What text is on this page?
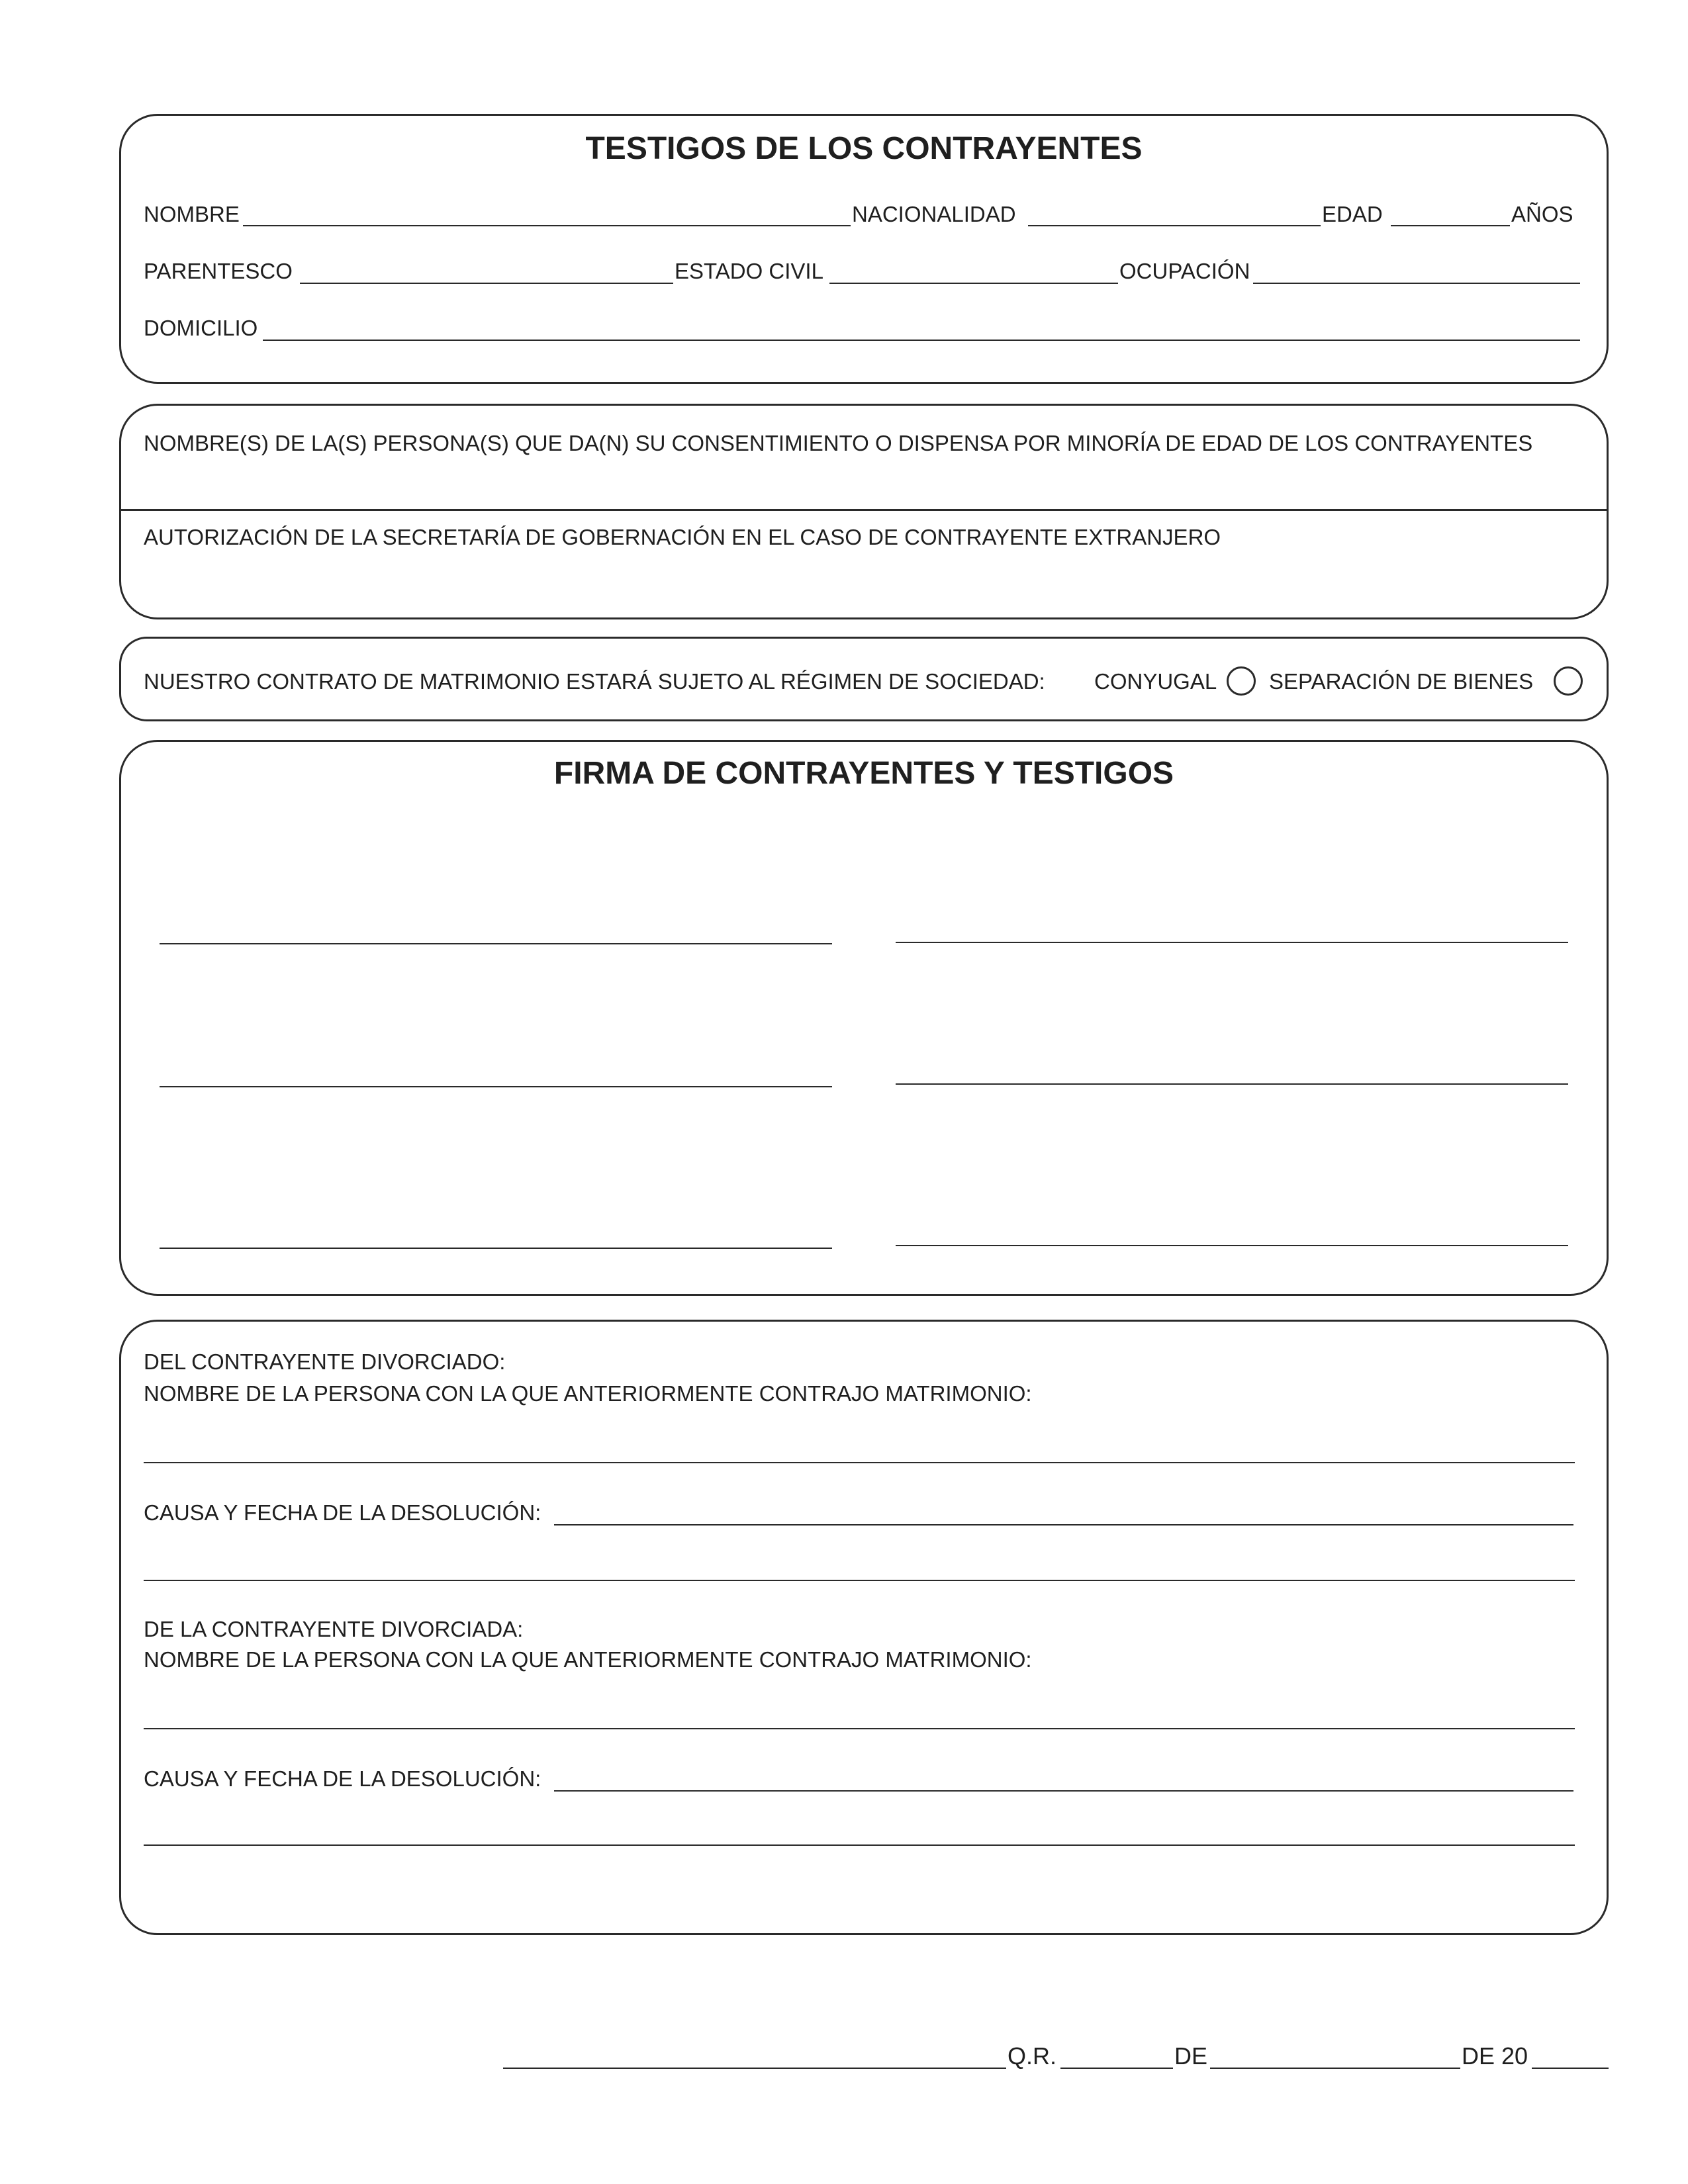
TESTIGOS DE LOS CONTRAYENTES
NOMBRE	NACIONALIDAD	EDAD	AÑOS
PARENTESCO	ESTADO CIVIL	OCUPACIÓN
DOMICILIO
NOMBRE(S) DE LA(S) PERSONA(S) QUE DA(N) SU CONSENTIMIENTO O DISPENSA POR MINORÍA DE EDAD DE LOS CONTRAYENTES
AUTORIZACIÓN DE LA SECRETARÍA DE GOBERNACIÓN EN EL CASO DE CONTRAYENTE EXTRANJERO
NUESTRO CONTRATO DE MATRIMONIO ESTARÁ SUJETO AL RÉGIMEN DE SOCIEDAD: CONYUGAL SEPARACIÓN DE BIENES
FIRMA DE CONTRAYENTES Y TESTIGOS
DEL CONTRAYENTE DIVORCIADO:
NOMBRE DE LA PERSONA CON LA QUE ANTERIORMENTE CONTRAJO MATRIMONIO:
CAUSA Y FECHA DE LA DESOLUCIÓN:
DE LA CONTRAYENTE DIVORCIADA:
NOMBRE DE LA PERSONA CON LA QUE ANTERIORMENTE CONTRAJO MATRIMONIO:
CAUSA Y FECHA DE LA DESOLUCIÓN:
Q.R.	DE	DE 20
